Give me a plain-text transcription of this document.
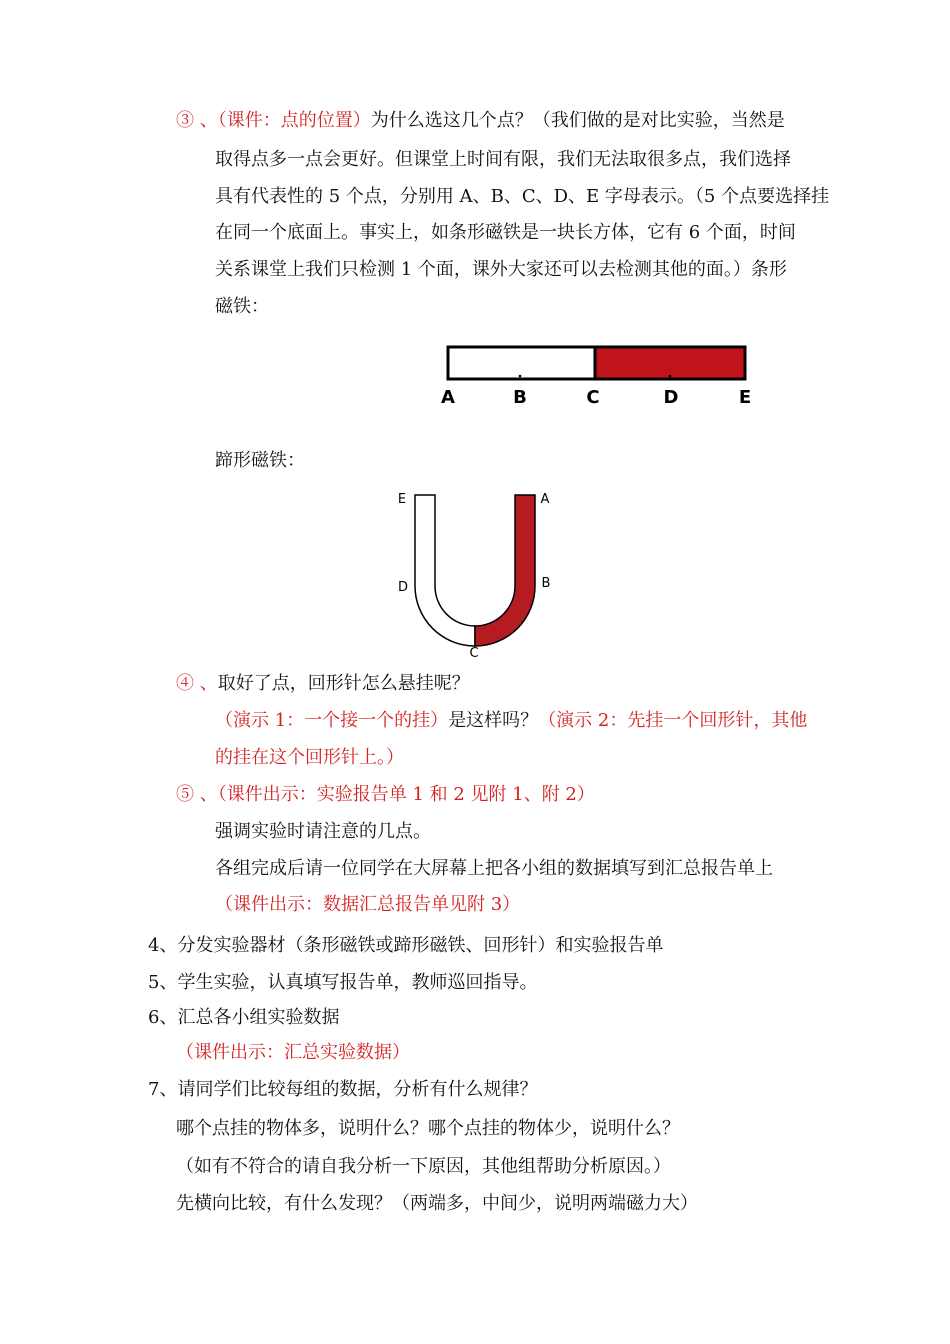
③ 、（课件：点的位置）为什么选这几个点？（我们做的是对比实验，当然是
取得点多一点会更好。但课堂上时间有限，我们无法取很多点，我们选择
具有代表性的 5 个点，分别用 A、B、C、D、E 字母表示。（5 个点要选择挂
在同一个底面上。事实上，如条形磁铁是一块长方体，它有 6 个面，时间
关系课堂上我们只检测 1 个面，课外大家还可以去检测其他的面。）条形
磁铁：
A	B	C	D	E
蹄形磁铁：
E	A
D	B
C
④ 、取好了点，回形针怎么悬挂呢？
（演示 1：一个接一个的挂）是这样吗？（演示 2：先挂一个回形针，其他
的挂在这个回形针上。）
⑤ 、（课件出示：实验报告单 1 和 2 见附 1、附 2）
强调实验时请注意的几点。
各组完成后请一位同学在大屏幕上把各小组的数据填写到汇总报告单上
（课件出示：数据汇总报告单见附 3）
4、分发实验器材（条形磁铁或蹄形磁铁、回形针）和实验报告单
5、学生实验，认真填写报告单，教师巡回指导。
6、汇总各小组实验数据
（课件出示：汇总实验数据）
7、请同学们比较每组的数据，分析有什么规律？
哪个点挂的物体多，说明什么？哪个点挂的物体少，说明什么？
（如有不符合的请自我分析一下原因，其他组帮助分析原因。）
先横向比较，有什么发现？（两端多，中间少，说明两端磁力大）
